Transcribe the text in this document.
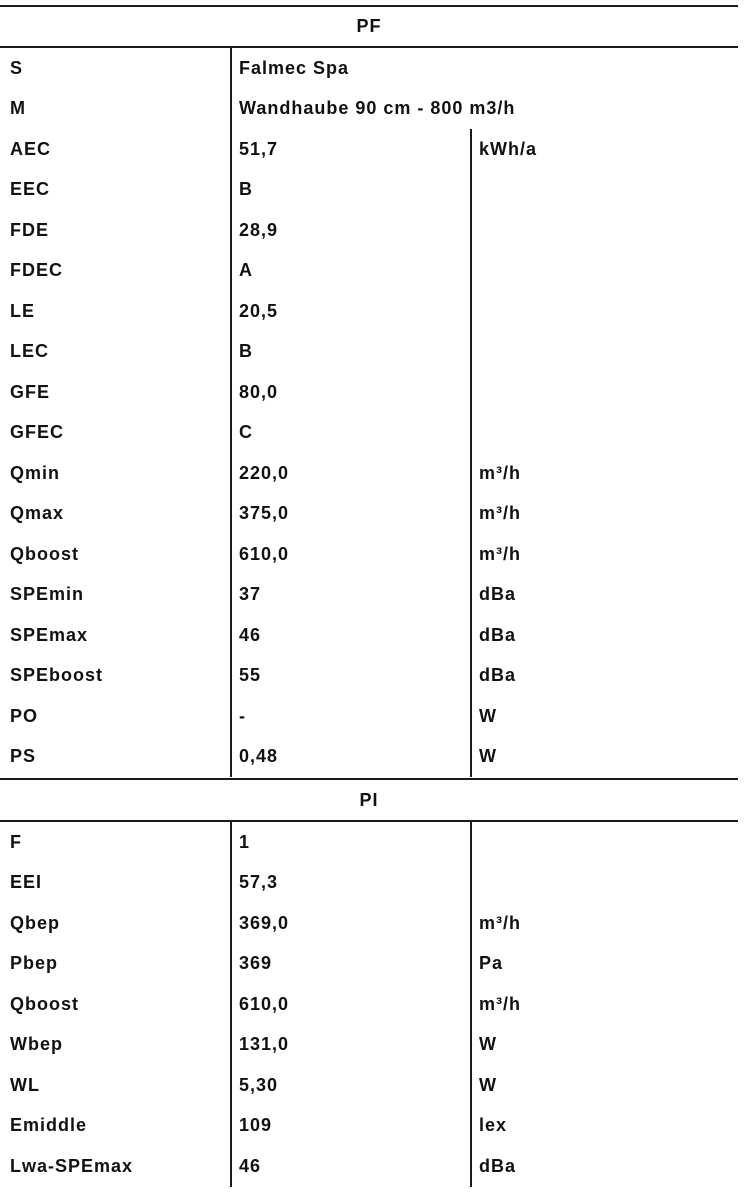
PF
S	Falmec Spa
M	Wandhaube 90 cm - 800 m3/h
AEC	51,7	kWh/a
EEC	B
FDE	28,9
FDEC	A
LE	20,5
LEC	B
GFE	80,0
GFEC	C
Qmin	220,0	m³/h
Qmax	375,0	m³/h
Qboost	610,0	m³/h
SPEmin	37	dBa
SPEmax	46	dBa
SPEboost	55	dBa
PO	-	W
PS	0,48	W
PI
F	1
EEI	57,3
Qbep	369,0	m³/h
Pbep	369	Pa
Qboost	610,0	m³/h
Wbep	131,0	W
WL	5,30	W
Emiddle	109	lex
Lwa-SPEmax	46	dBa
